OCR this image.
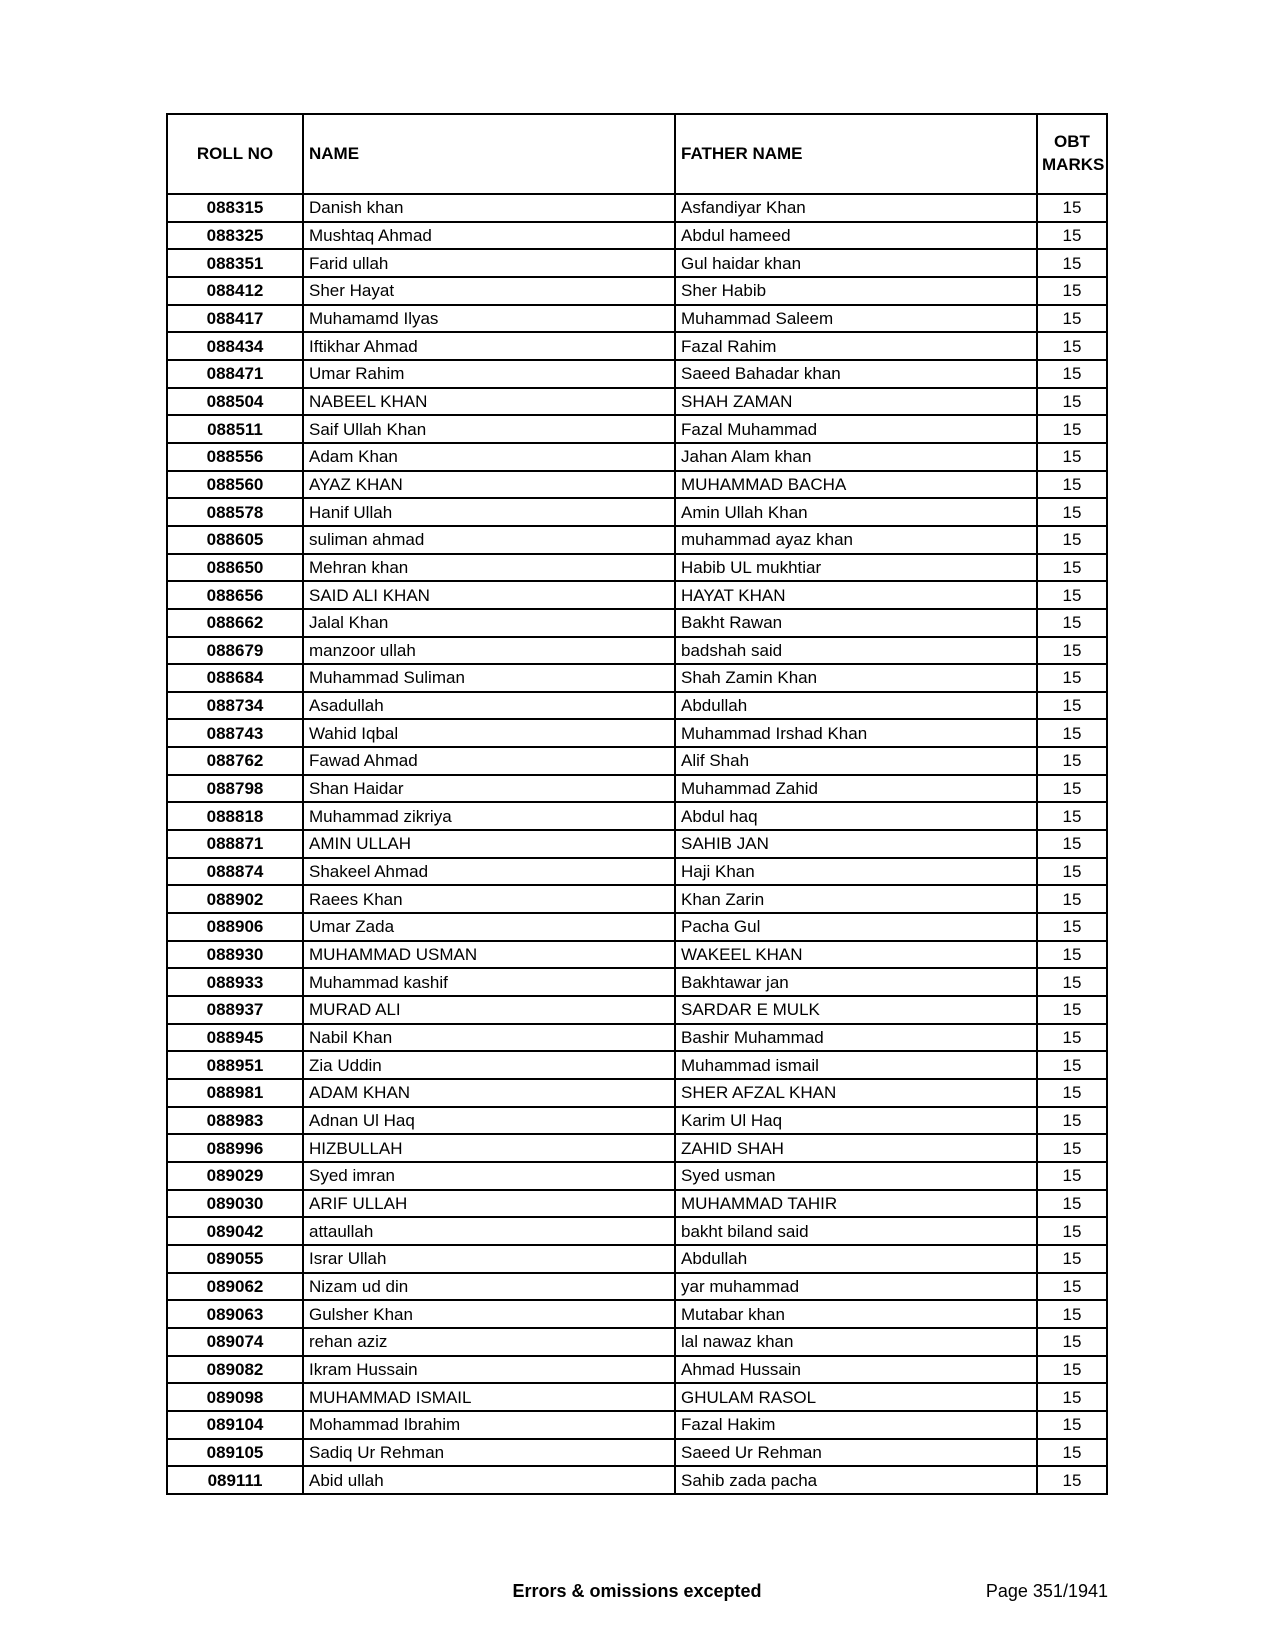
ROLL NO	NAME	FATHER NAME	OBT MARKS
088315	Danish khan	Asfandiyar Khan	15
088325	Mushtaq Ahmad	Abdul hameed	15
088351	Farid ullah	Gul haidar khan	15
088412	Sher Hayat	Sher Habib	15
088417	Muhamamd Ilyas	Muhammad Saleem	15
088434	Iftikhar Ahmad	Fazal Rahim	15
088471	Umar Rahim	Saeed Bahadar khan	15
088504	NABEEL KHAN	SHAH ZAMAN	15
088511	Saif Ullah Khan	Fazal Muhammad	15
088556	Adam Khan	Jahan Alam khan	15
088560	AYAZ KHAN	MUHAMMAD BACHA	15
088578	Hanif Ullah	Amin Ullah Khan	15
088605	suliman ahmad	muhammad ayaz khan	15
088650	Mehran khan	Habib UL mukhtiar	15
088656	SAID ALI KHAN	HAYAT KHAN	15
088662	Jalal Khan	Bakht Rawan	15
088679	manzoor ullah	badshah said	15
088684	Muhammad Suliman	Shah Zamin Khan	15
088734	Asadullah	Abdullah	15
088743	Wahid Iqbal	Muhammad Irshad Khan	15
088762	Fawad Ahmad	Alif Shah	15
088798	Shan Haidar	Muhammad Zahid	15
088818	Muhammad zikriya	Abdul haq	15
088871	AMIN ULLAH	SAHIB JAN	15
088874	Shakeel Ahmad	Haji Khan	15
088902	Raees Khan	Khan Zarin	15
088906	Umar Zada	Pacha Gul	15
088930	MUHAMMAD USMAN	WAKEEL KHAN	15
088933	Muhammad kashif	Bakhtawar jan	15
088937	MURAD ALI	SARDAR E MULK	15
088945	Nabil Khan	Bashir Muhammad	15
088951	Zia Uddin	Muhammad ismail	15
088981	ADAM KHAN	SHER AFZAL KHAN	15
088983	Adnan Ul Haq	Karim Ul Haq	15
088996	HIZBULLAH	ZAHID SHAH	15
089029	Syed imran	Syed usman	15
089030	ARIF ULLAH	MUHAMMAD TAHIR	15
089042	attaullah	bakht biland said	15
089055	Israr Ullah	Abdullah	15
089062	Nizam ud din	yar muhammad	15
089063	Gulsher Khan	Mutabar khan	15
089074	rehan aziz	lal nawaz khan	15
089082	Ikram Hussain	Ahmad Hussain	15
089098	MUHAMMAD ISMAIL	GHULAM RASOL	15
089104	Mohammad Ibrahim	Fazal Hakim	15
089105	Sadiq Ur Rehman	Saeed Ur Rehman	15
089111	Abid ullah	Sahib zada pacha	15
Errors & omissions excepted	Page 351/1941
